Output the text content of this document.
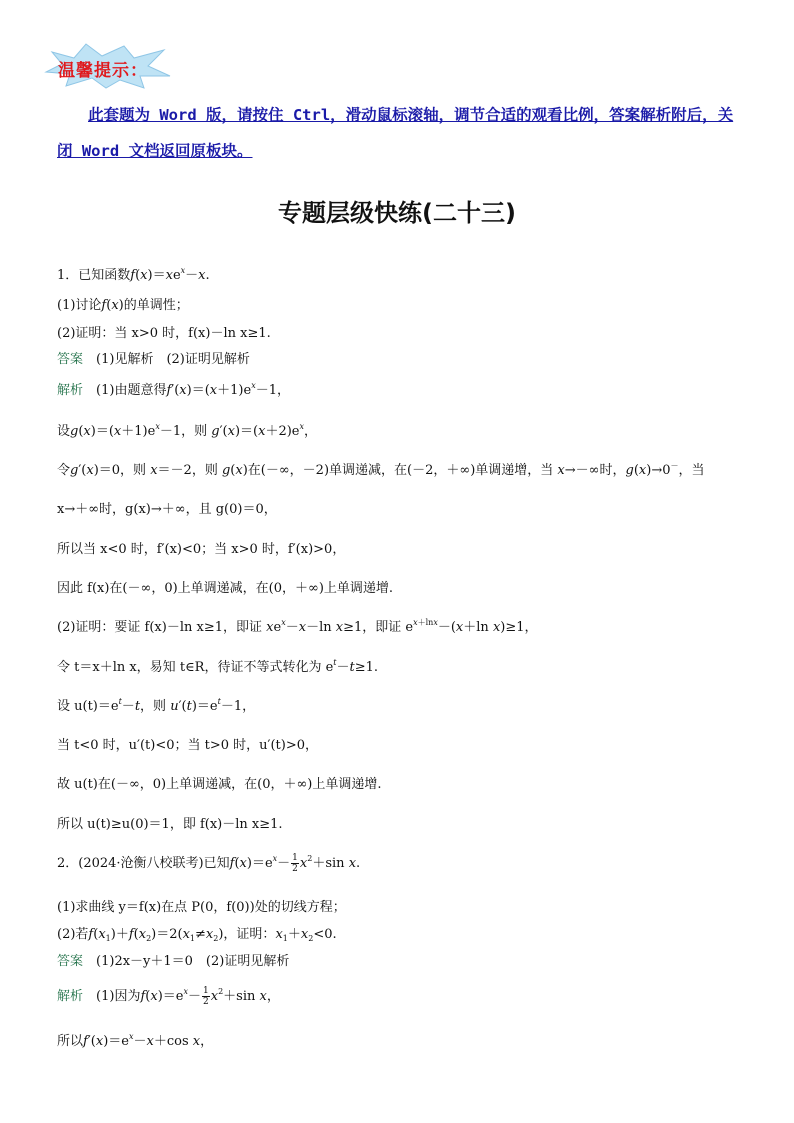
温馨提示：
此套题为 Word 版，请按住 Ctrl，滑动鼠标滚轴，调节合适的观看比例，答案解析附后，关闭 Word 文档返回原板块。
专题层级快练(二十三)
1．已知函数$f(x)=xe^x-x$.
(1)讨论f(x)的单调性；
(2)证明：当 x>0 时，f(x)－ln x≥1.
答案　 (1)见解析　(2)证明见解析
解析　 (1)由题意得$f'(x)=(x+1)e^x-1$，
设$g(x)=(x+1)e^x-1$，则 $g'(x)=(x+2)e^x$，
令g′(x)＝0，则 x＝－2，则 g(x)在(－∞，－2)单调递减，在(－2，＋∞)单调递增，当 x→－∞时，g(x)→0－，当
x→＋∞时，g(x)→＋∞，且 g(0)＝0，
所以当 x<0 时，f′(x)<0；当 x>0 时，f′(x)>0，
因此 f(x)在(－∞，0)上单调递减，在(0，＋∞)上单调递增.
(2)证明：要证 f(x)－ln x≥1，即证 $xe^x-x-\ln$ x≥1，即证 $e^{x+lnx}-(x+\ln$ x)≥1，
令 t＝x＋ln x，易知 t∈R，待证不等式转化为 $e^t-t\ge 1$.
设 $u(t)=e^t-t$，则 $u'(t)=e^t-1$，
当 t<0 时，u′(t)<0；当 t>0 时，u′(t)>0，
故 u(t)在(－∞，0)上单调递减，在(0，＋∞)上单调递增.
所以 u(t)≥u(0)＝1，即 f(x)－ln x≥1.
2．(2024·沧衡八校联考)已知$f(x)=e^x- \frac{1}{2} x^2+\sin$ x.
(1)求曲线 y＝f(x)在点 P(0，f(0))处的切线方程；
(2)若$f(x_1)+f(x_2)=2(x_1\ne x_2)$，证明：$x_1+x_2<0$.
答案　 (1)2x－y＋1＝0　(2)证明见解析
解析　 (1)因为$f(x)=e^x- \frac{1}{2} x^2+\sin$ x，
所以$f'(x)=e^x-x+\cos$ x，
